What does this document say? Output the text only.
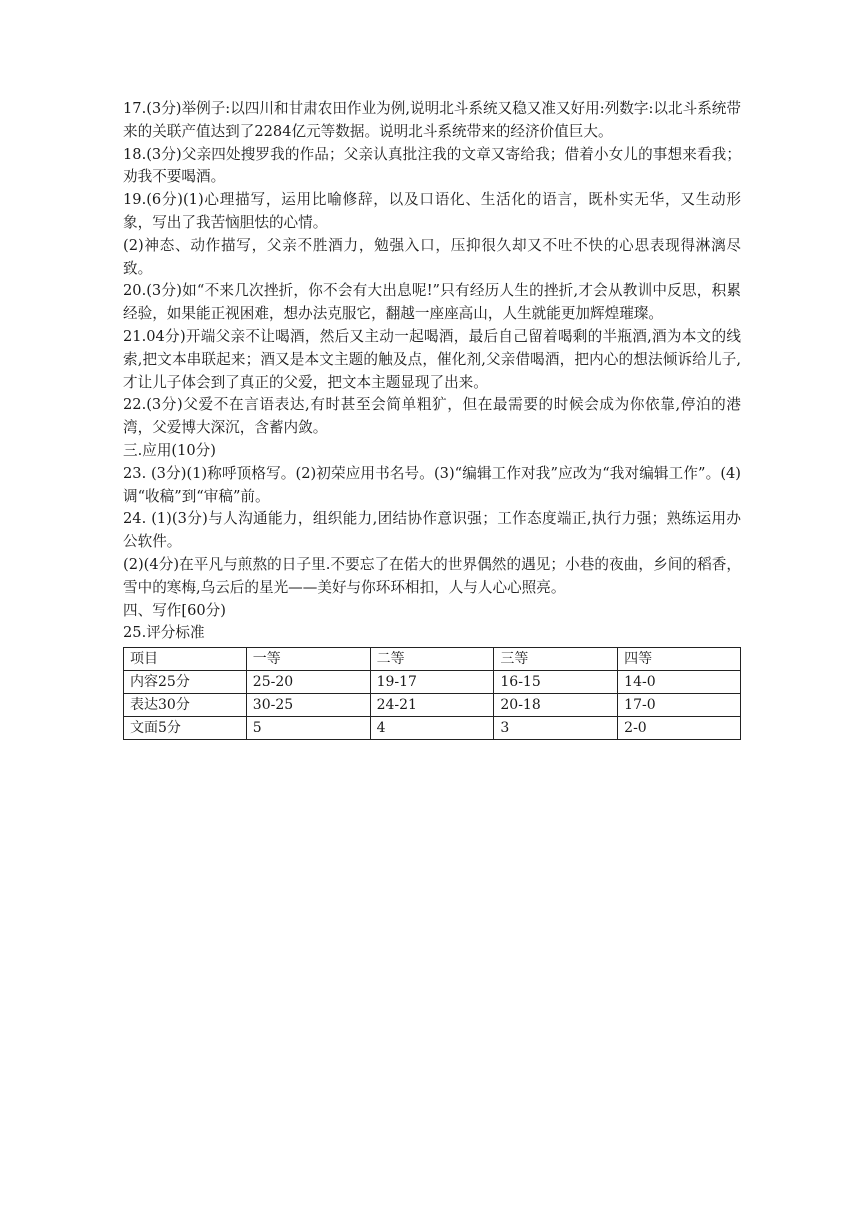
17.(3分)举例子:以四川和甘肃农田作业为例,说明北斗系统又稳又准又好用:列数字:以北斗系统带来的关联产值达到了2284亿元等数据。说明北斗系统带来的经济价值巨大。

18.(3分)父亲四处搜罗我的作品；父亲认真批注我的文章又寄给我；借着小女儿的事想来看我；劝我不要喝酒。

19.(6分)(1)心理描写，运用比喻修辞，以及口语化、生活化的语言，既朴实无华，又生动形象，写出了我苦恼胆怯的心情。

(2)神态、动作描写，父亲不胜酒力，勉强入口，压抑很久却又不吐不快的心思表现得淋漓尽致。

20.(3分)如“不来几次挫折，你不会有大出息呢!”只有经历人生的挫折,才会从教训中反思，积累经验，如果能正视困难，想办法克服它，翻越一座座高山，人生就能更加辉煌璀璨。

21.04分)开端父亲不让喝酒，然后又主动一起喝酒，最后自己留着喝剩的半瓶酒,酒为本文的线索,把文本串联起来；酒又是本文主题的触及点，催化剂,父亲借喝酒，把内心的想法倾诉给儿子,才让儿子体会到了真正的父爱，把文本主题显现了出来。

22.(3分)父爱不在言语表达,有时甚至会简单粗犷，但在最需要的时候会成为你依靠,停泊的港湾，父爱博大深沉，含蓄内敛。

三.应用(10分)

23. (3分)(1)称呼顶格写。(2)初荣应用书名号。(3)“编辑工作对我”应改为“我对编辑工作”。(4) 调“收稿”到“审稿”前。

24. (1)(3分)与人沟通能力，组织能力,团结协作意识强；工作态度端正,执行力强；熟练运用办公软件。

(2)(4分)在平凡与煎熬的日子里.不要忘了在偌大的世界偶然的遇见；小巷的夜曲，乡间的稻香，雪中的寒梅,乌云后的星光——美好与你环环相扣，人与人心心照亮。

四、写作[60分)

25.评分标准

项目	一等	二等	三等	四等
内容25分	25-20	19-17	16-15	14-0
表达30分	30-25	24-21	20-18	17-0
文面5分	5	4	3	2-0
